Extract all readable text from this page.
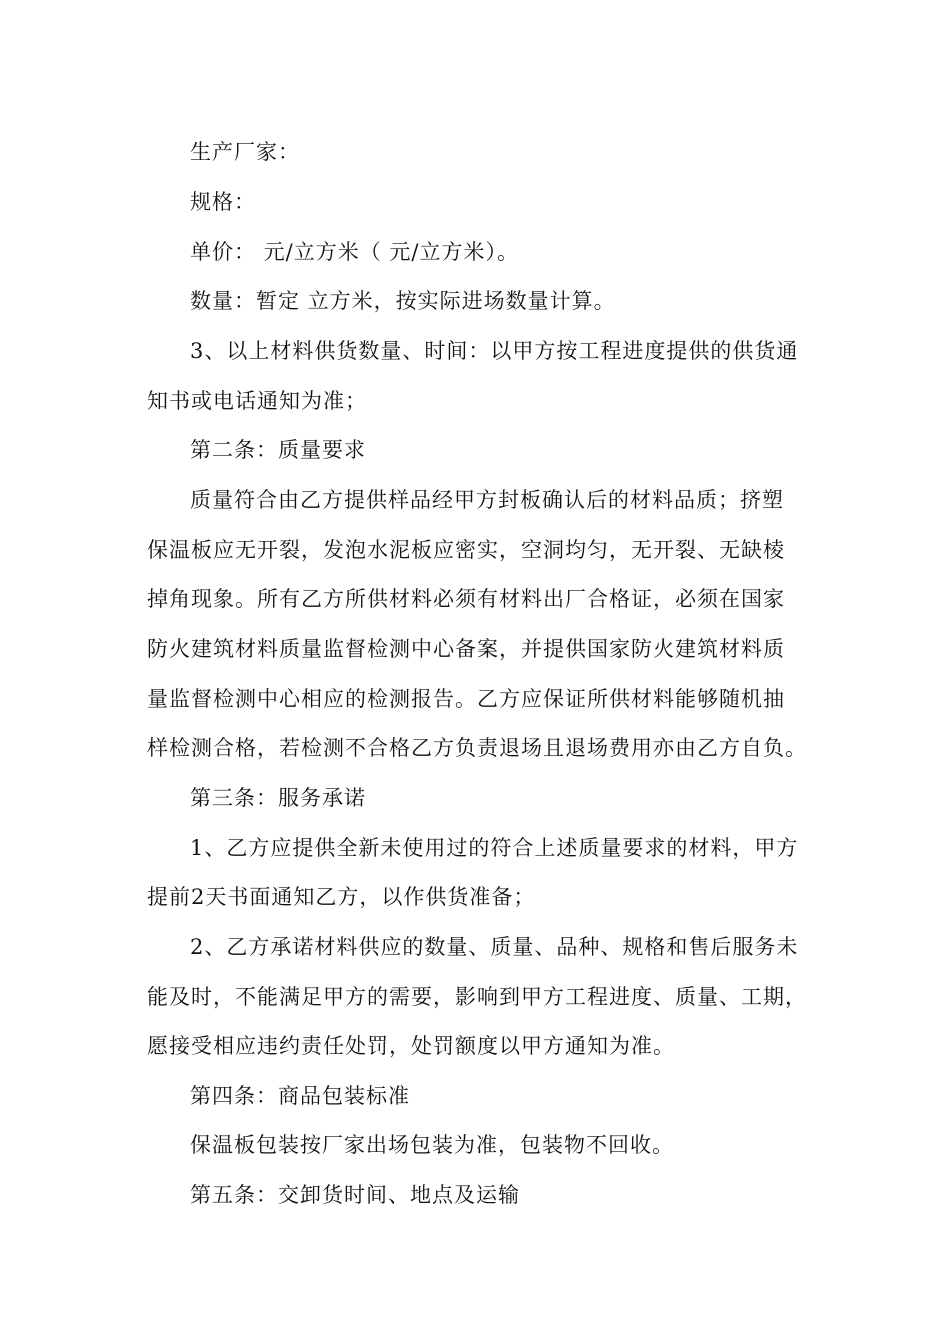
生产厂家：
规格：
单价： 元/立方米（ 元/立方米）。
数量：暂定 立方米，按实际进场数量计算。
3、以上材料供货数量、时间：以甲方按工程进度提供的供货通
知书或电话通知为准；
第二条：质量要求
质量符合由乙方提供样品经甲方封板确认后的材料品质；挤塑
保温板应无开裂，发泡水泥板应密实，空洞均匀，无开裂、无缺棱
掉角现象。所有乙方所供材料必须有材料出厂合格证，必须在国家
防火建筑材料质量监督检测中心备案，并提供国家防火建筑材料质
量监督检测中心相应的检测报告。乙方应保证所供材料能够随机抽
样检测合格，若检测不合格乙方负责退场且退场费用亦由乙方自负。
第三条：服务承诺
1、乙方应提供全新未使用过的符合上述质量要求的材料，甲方
提前2天书面通知乙方，以作供货准备；
2、乙方承诺材料供应的数量、质量、品种、规格和售后服务未
能及时，不能满足甲方的需要，影响到甲方工程进度、质量、工期，
愿接受相应违约责任处罚，处罚额度以甲方通知为准。
第四条：商品包装标准
保温板包装按厂家出场包装为准，包装物不回收。
第五条：交卸货时间、地点及运输
